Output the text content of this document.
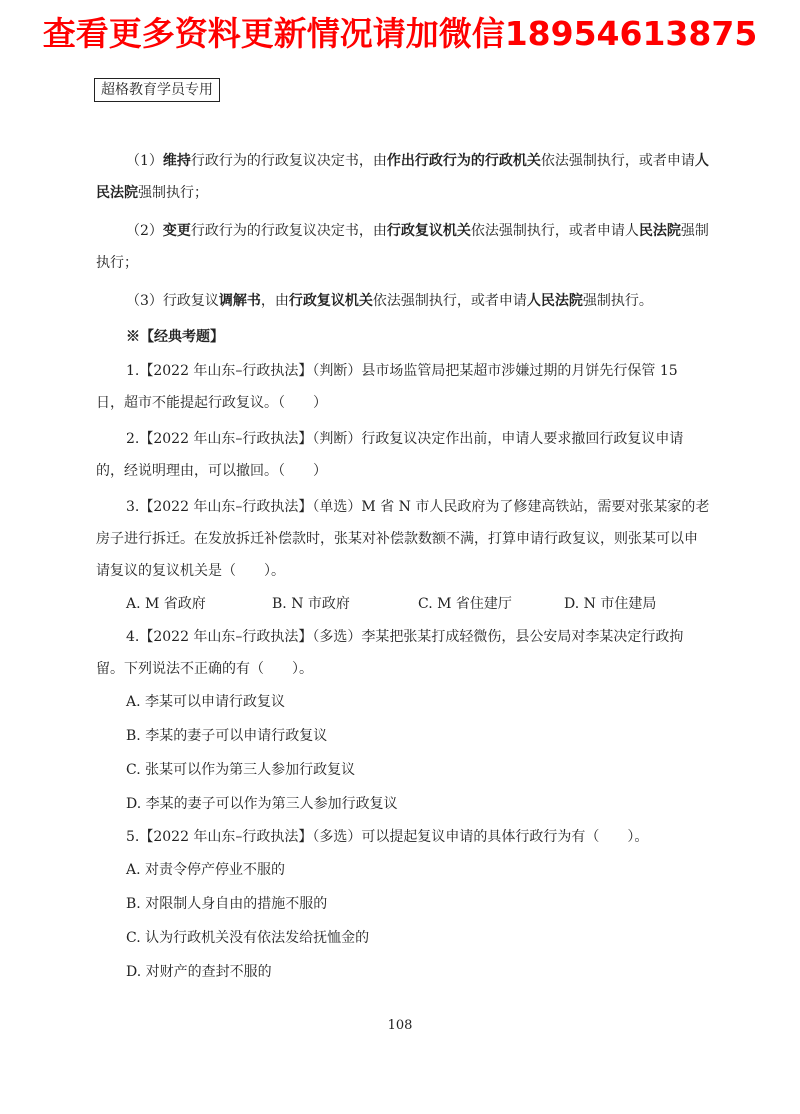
查看更多资料更新情况请加微信18954613875
超格教育学员专用

（1）维持行政行为的行政复议决定书，由作出行政行为的行政机关依法强制执行，或者申请人民法院强制执行；

（2）变更行政行为的行政复议决定书，由行政复议机关依法强制执行，或者申请人民法院强制执行；

（3）行政复议调解书，由行政复议机关依法强制执行，或者申请人民法院强制执行。

※【经典考题】

1.【2022 年山东–行政执法】（判断）县市场监管局把某超市涉嫌过期的月饼先行保管 15 日，超市不能提起行政复议。（　　）

2.【2022 年山东–行政执法】（判断）行政复议决定作出前，申请人要求撤回行政复议申请的，经说明理由，可以撤回。（　　）

3.【2022 年山东–行政执法】（单选）M 省 N 市人民政府为了修建高铁站，需要对张某家的老房子进行拆迁。在发放拆迁补偿款时，张某对补偿款数额不满，打算申请行政复议，则张某可以申请复议的复议机关是（　　）。

A. M 省政府	B. N 市政府	C. M 省住建厅	D. N 市住建局

4.【2022 年山东–行政执法】（多选）李某把张某打成轻微伤，县公安局对李某决定行政拘留。下列说法不正确的有（　　）。

A. 李某可以申请行政复议

B. 李某的妻子可以申请行政复议

C. 张某可以作为第三人参加行政复议

D. 李某的妻子可以作为第三人参加行政复议

5.【2022 年山东–行政执法】（多选）可以提起复议申请的具体行政行为有（　　）。

A. 对责令停产停业不服的

B. 对限制人身自由的措施不服的

C. 认为行政机关没有依法发给抚恤金的

D. 对财产的查封不服的

108
